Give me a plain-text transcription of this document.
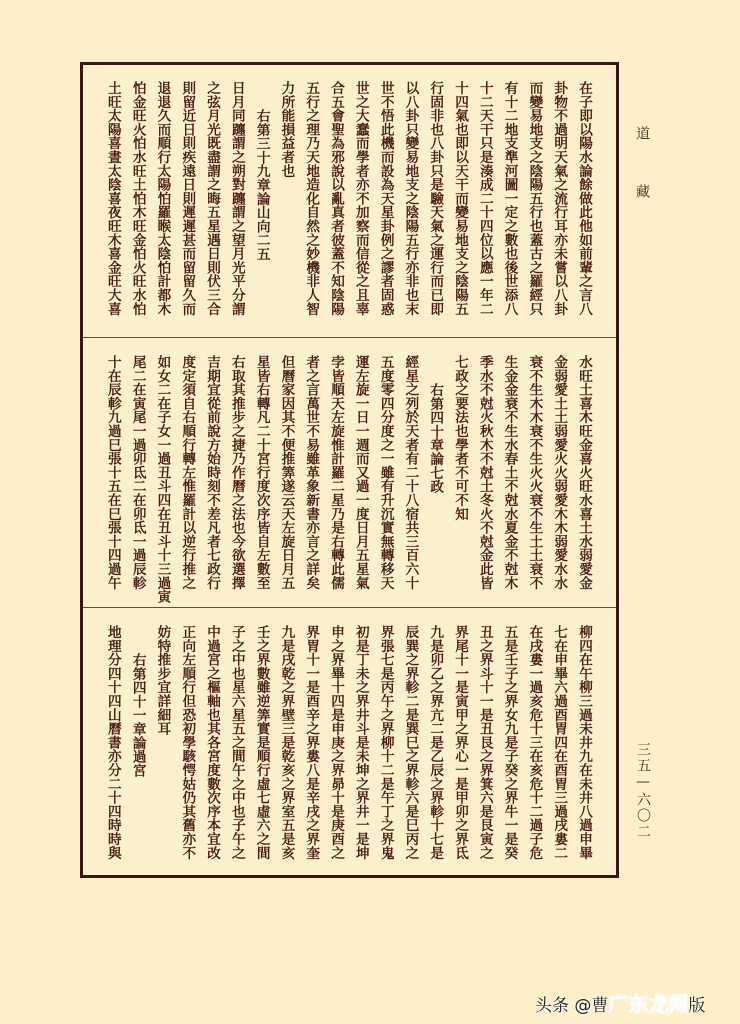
在子即以陽水論餘做此他如前輩之言八
卦物不過明天氣之流行耳亦未嘗以八卦
而變易地支之陰陽五行也蓋古之羅經只
有十二地支準河圖一定之數也後世添八
十二天干只是湊成二十四位以應一年二
十四氣也即以天干而變易地支之陰陽五
行固非也八卦只是驗天氣之運行而已即
以八卦只變易地支之陰陽五行亦非也末
世不悟此機而設為天星卦例之謬者固惑
世之大蠢而學者亦不加察而信從之且辜
合五會聖為邪說以亂真者彼蓋不知陰陽
五行之理乃天地造化自然之妙機非人智
力所能損益者也
右第三十九章論山向二五
日月同躔謂之朔對躔謂之望月光平分謂
之弦月光既盡謂之晦五星遇日則伏三合
則留近日則疾遠日則遲遲甚而留留久而
退退久而順行太陽怕羅睺太陰怕計都木
怕金旺火怕水旺土怕木旺金怕火旺水怕
土旺太陽喜晝太陰喜夜旺木喜金旺大喜
水旺土喜木旺金喜火旺水喜土水弱愛金
金弱愛土土弱愛火火弱愛木木弱愛水水
衰不生木木衰不生火火衰不生土土衰不
生金金衰不生水春土不尅水夏金不尅木
季水不尅火秋木不尅土冬火不尅金此皆
七政之要法也學者不可不知
右第四十章論七政
經星之列於天者有二十八宿共三百六十
五度零四分度之一雖有升沉實無轉移天
運左旋一日一週而又過一度日月五星氣
孛皆順天左旋惟計羅二星乃是右轉此儒
者之言萬世不易雖革象新書亦言之詳矣
但曆家因其不便推筭遂云天左旋日月五
星皆右轉凡二十宮行度次序皆自左數至
右取其推步之捷乃作曆之法也今欲選擇
吉期宜從前說方始時刻不差凡者七政行
度定須自右順行轉左惟羅計以逆行推之
如女二在子女一過丑斗四在丑斗十三過寅
尾二在寅尾一過卯氐二在卯氐一過辰軫
十在辰軫九過巳張十五在巳張十四過午
柳四在午柳三過未井九在未井八過申畢
七在申畢六過酉胃四在酉胃三過戌婁二
在戌婁一過亥危十三在亥危十二過子危
五是壬子之界女九是子癸之界牛一是癸
丑之界斗十一是丑艮之界箕六是艮寅之
界尾十一是寅甲之界心一是甲卯之界氐
九是卯乙之界亢二是乙辰之界軫十七是
辰巽之界軫二是巽巳之界軫六是巳丙之
界張七是丙午之界柳十二是午丁之界鬼
初是丁未之界井斗是未坤之界井一是坤
申之界畢十四是申庚之界昴十是庚酉之
界胃十一是酉辛之界婁八是辛戌之界奎
九是戌乾之界壁三是乾亥之界室五是亥
壬之界數雖逆筭實是順行虛七虛六之間
子之中也星六星五之間午之中也子午之
中過宮之樞軸也其各宮度數次序本宜改
正向左順行但恐初學駭愕姑仍其舊亦不
妨特推步宜詳細耳
右第四十一章論過宮
地理分四十四山曆書亦分二十四時時與
道藏
三五—六〇二
头条 @曹广东龙网版
